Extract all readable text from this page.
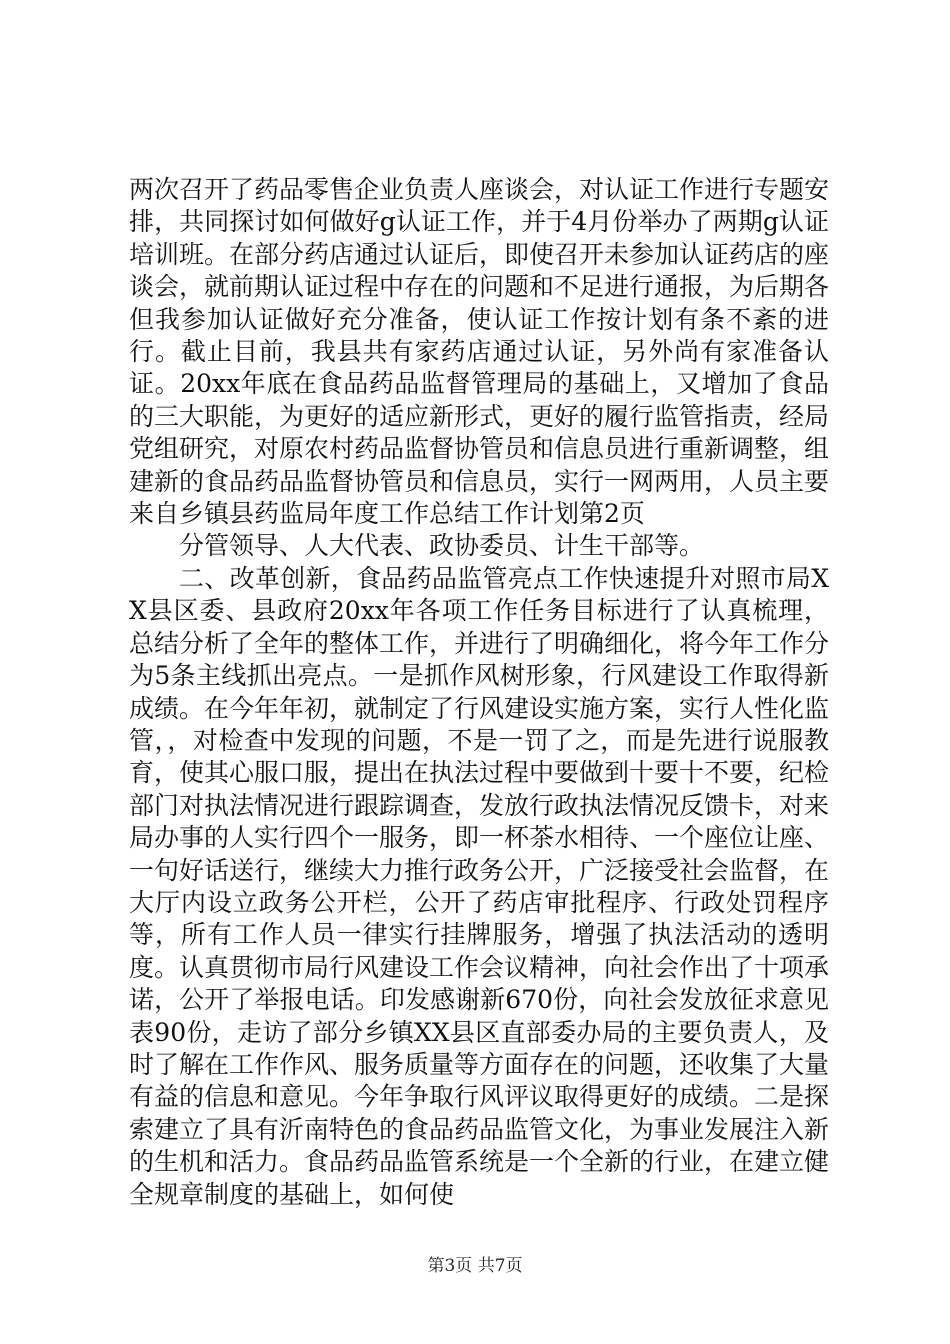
两次召开了药品零售企业负责人座谈会，对认证工作进行专题安排，共同探讨如何做好g认证工作，并于4月份举办了两期g认证培训班。在部分药店通过认证后，即使召开未参加认证药店的座谈会，就前期认证过程中存在的问题和不足进行通报，为后期各但我参加认证做好充分准备，使认证工作按计划有条不紊的进行。截止目前，我县共有家药店通过认证，另外尚有家准备认证。20xx年底在食品药品监督管理局的基础上，又增加了食品的三大职能，为更好的适应新形式，更好的履行监管指责，经局党组研究，对原农村药品监督协管员和信息员进行重新调整，组建新的食品药品监督协管员和信息员，实行一网两用，人员主要来自乡镇县药监局年度工作总结工作计划第2页

分管领导、人大代表、政协委员、计生干部等。

二、改革创新，食品药品监管亮点工作快速提升对照市局XX县区委、县政府20xx年各项工作任务目标进行了认真梳理，总结分析了全年的整体工作，并进行了明确细化，将今年工作分为5条主线抓出亮点。一是抓作风树形象，行风建设工作取得新成绩。在今年年初，就制定了行风建设实施方案，实行人性化监管，，对检查中发现的问题，不是一罚了之，而是先进行说服教育，使其心服口服，提出在执法过程中要做到十要十不要，纪检部门对执法情况进行跟踪调查，发放行政执法情况反馈卡，对来局办事的人实行四个一服务，即一杯茶水相待、一个座位让座、一句好话送行，继续大力推行政务公开，广泛接受社会监督，在大厅内设立政务公开栏，公开了药店审批程序、行政处罚程序等，所有工作人员一律实行挂牌服务，增强了执法活动的透明度。认真贯彻市局行风建设工作会议精神，向社会作出了十项承诺，公开了举报电话。印发感谢新670份，向社会发放征求意见表90份，走访了部分乡镇XX县区直部委办局的主要负责人，及时了解在工作作风、服务质量等方面存在的问题，还收集了大量有益的信息和意见。今年争取行风评议取得更好的成绩。二是探索建立了具有沂南特色的食品药品监管文化，为事业发展注入新的生机和活力。食品药品监管系统是一个全新的行业，在建立健全规章制度的基础上，如何使

第3页 共7页
